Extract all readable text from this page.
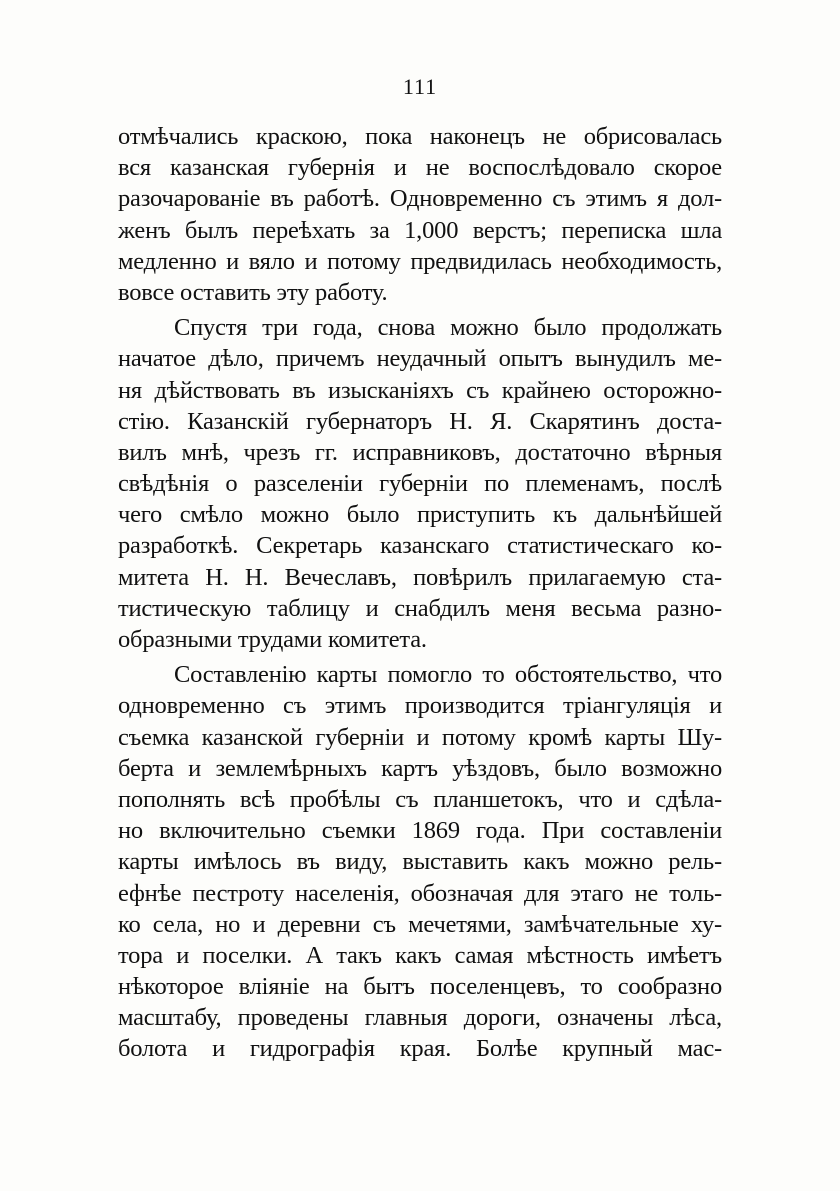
111
отмѣчались краскою, пока наконецъ не обрисовалась
вся казанская губернія и не воспослѣдовало скорое
разочарованіе въ работѣ. Одновременно съ этимъ я дол-
женъ былъ переѣхать за 1,000 верстъ; переписка шла
медленно и вяло и потому предвидилась необходимость,
вовсе оставить эту работу.
Спустя три года, снова можно было продолжать
начатое дѣло, причемъ неудачный опытъ вынудилъ ме-
ня дѣйствовать въ изысканіяхъ съ крайнею осторожно-
стію. Казанскій губернаторъ Н. Я. Скарятинъ доста-
вилъ мнѣ, чрезъ гг. исправниковъ, достаточно вѣрныя
свѣдѣнія о разселеніи губерніи по племенамъ, послѣ
чего смѣло можно было приступить къ дальнѣйшей
разработкѣ. Секретарь казанскаго статистическаго ко-
митета Н. Н. Вечеславъ, повѣрилъ прилагаемую ста-
тистическую таблицу и снабдилъ меня весьма разно-
образными трудами комитета.
Составленію карты помогло то обстоятельство, что
одновременно съ этимъ производится тріангуляція и
съемка казанской губерніи и потому кромѣ карты Шу-
берта и землемѣрныхъ картъ уѣздовъ, было возможно
пополнять всѣ пробѣлы съ планшетокъ, что и сдѣла-
но включительно съемки 1869 года. При составленіи
карты имѣлось въ виду, выставить какъ можно рель-
ефнѣе пестроту населенія, обозначая для этаго не толь-
ко села, но и деревни съ мечетями, замѣчательные ху-
тора и поселки. А такъ какъ самая мѣстность имѣетъ
нѣкоторое вліяніе на бытъ поселенцевъ, то сообразно
масштабу, проведены главныя дороги, означены лѣса,
болота и гидрографія края. Болѣе крупный мас-
